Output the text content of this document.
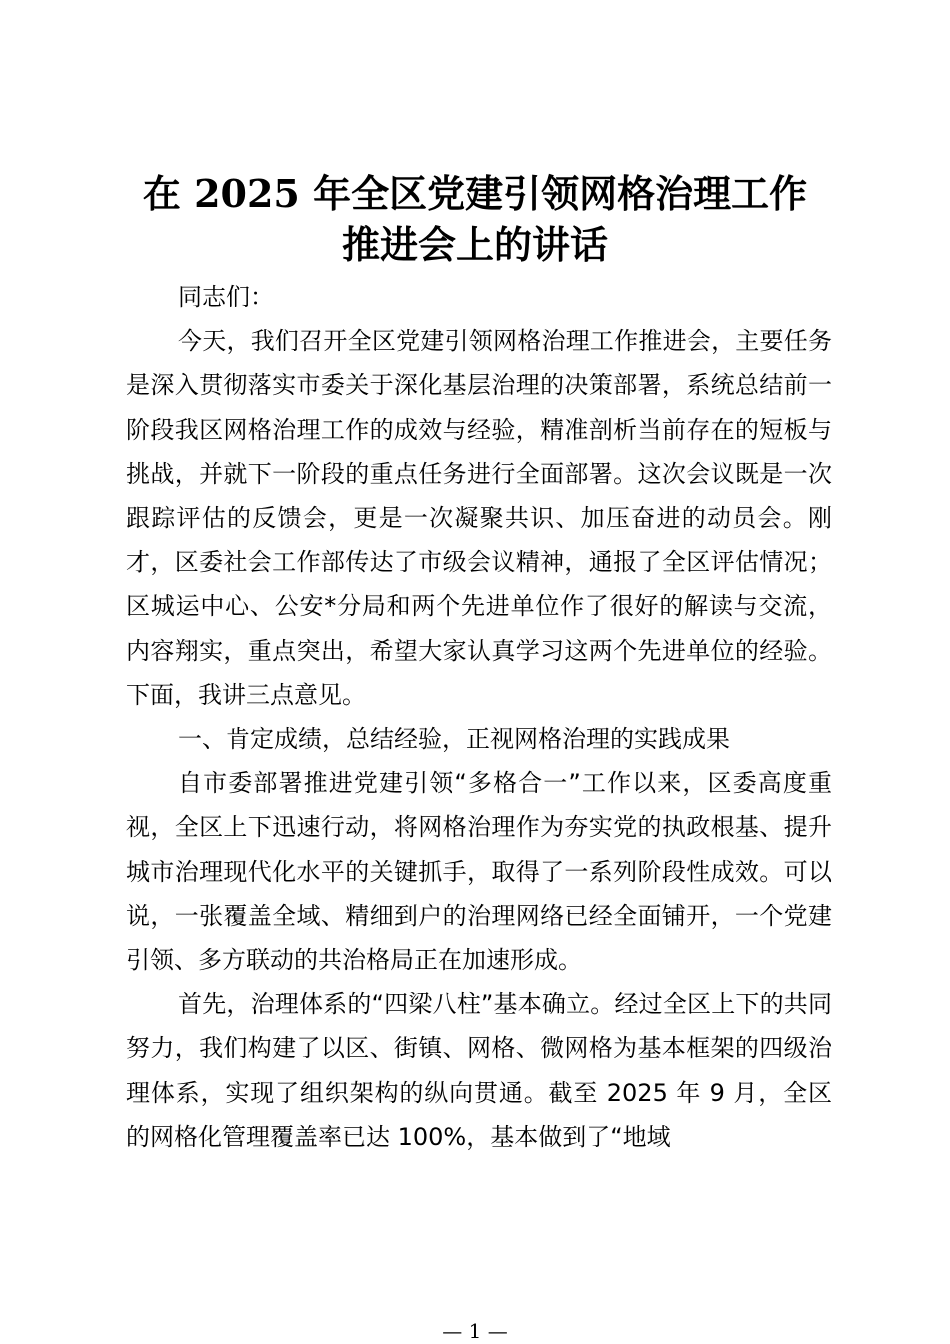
在 2025 年全区党建引领网格治理工作
推进会上的讲话

同志们：

今天，我们召开全区党建引领网格治理工作推进会，主要任务是深入贯彻落实市委关于深化基层治理的决策部署，系统总结前一阶段我区网格治理工作的成效与经验，精准剖析当前存在的短板与挑战，并就下一阶段的重点任务进行全面部署。这次会议既是一次跟踪评估的反馈会，更是一次凝聚共识、加压奋进的动员会。刚才，区委社会工作部传达了市级会议精神，通报了全区评估情况；区城运中心、公安*分局和两个先进单位作了很好的解读与交流，内容翔实，重点突出，希望大家认真学习这两个先进单位的经验。下面，我讲三点意见。

一、肯定成绩，总结经验，正视网格治理的实践成果

自市委部署推进党建引领“多格合一”工作以来，区委高度重视，全区上下迅速行动，将网格治理作为夯实党的执政根基、提升城市治理现代化水平的关键抓手，取得了一系列阶段性成效。可以说，一张覆盖全域、精细到户的治理网络已经全面铺开，一个党建引领、多方联动的共治格局正在加速形成。

首先，治理体系的“四梁八柱”基本确立。经过全区上下的共同努力，我们构建了以区、街镇、网格、微网格为基本框架的四级治理体系，实现了组织架构的纵向贯通。截至 2025 年 9 月，全区的网格化管理覆盖率已达 100%，基本做到了“地域

— 1 —
